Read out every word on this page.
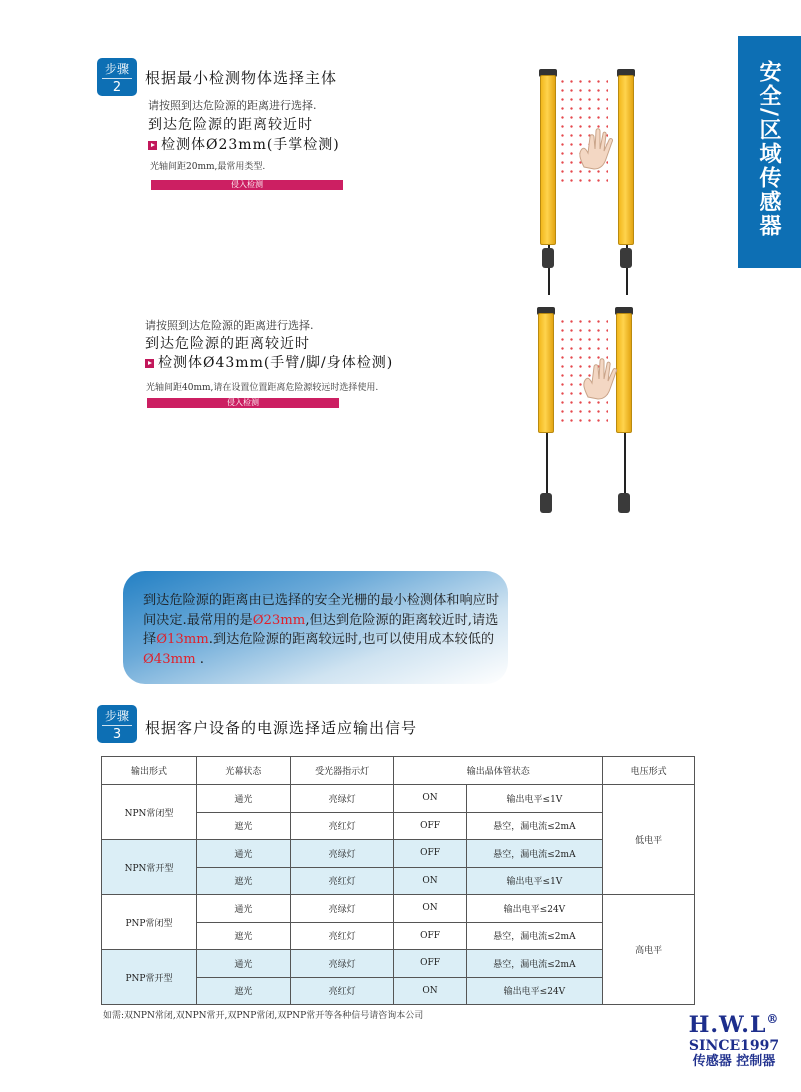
安全/区域传感器
步骤
2
根据最小检测物体选择主体
请按照到达危险源的距离进行选择.
到达危险源的距离较近时
检测体Ø23mm(手掌检测)
光轴间距20mm,最常用类型.
侵入检测
请按照到达危险源的距离进行选择.
到达危险源的距离较近时
检测体Ø43mm(手臂/脚/身体检测)
光轴间距40mm,请在设置位置距离危险源较远时选择使用.
侵入检测
到达危险源的距离由已选择的安全光栅的最小检测体和响应时间决定.最常用的是Ø23mm,但达到危险源的距离较近时,请选择Ø13mm.到达危险源的距离较远时,也可以使用成本较低的Ø43mm .
步骤
3	根据客户设备的电源选择适应输出信号
输出形式	光幕状态	受光器指示灯	输出晶体管状态		电压形式
NPN常闭型	通光	亮绿灯	ON	输出电平≤1V	低电平
	遮光	亮红灯	OFF	悬空，漏电流≤2mA	
NPN常开型	通光	亮绿灯	OFF	悬空，漏电流≤2mA	
	遮光	亮红灯	ON	输出电平≤1V	
PNP常闭型	通光	亮绿灯	ON	输出电平≤24V	高电平
	遮光	亮红灯	OFF	悬空，漏电流≤2mA	
PNP常开型	通光	亮绿灯	OFF	悬空，漏电流≤2mA	
	遮光	亮红灯	ON	输出电平≤24V	
如需:双NPN常闭,双NPN常开,双PNP常闭,双PNP常开等各种信号请咨询本公司	H.W.L®
SINCE1997
传感器 控制器
